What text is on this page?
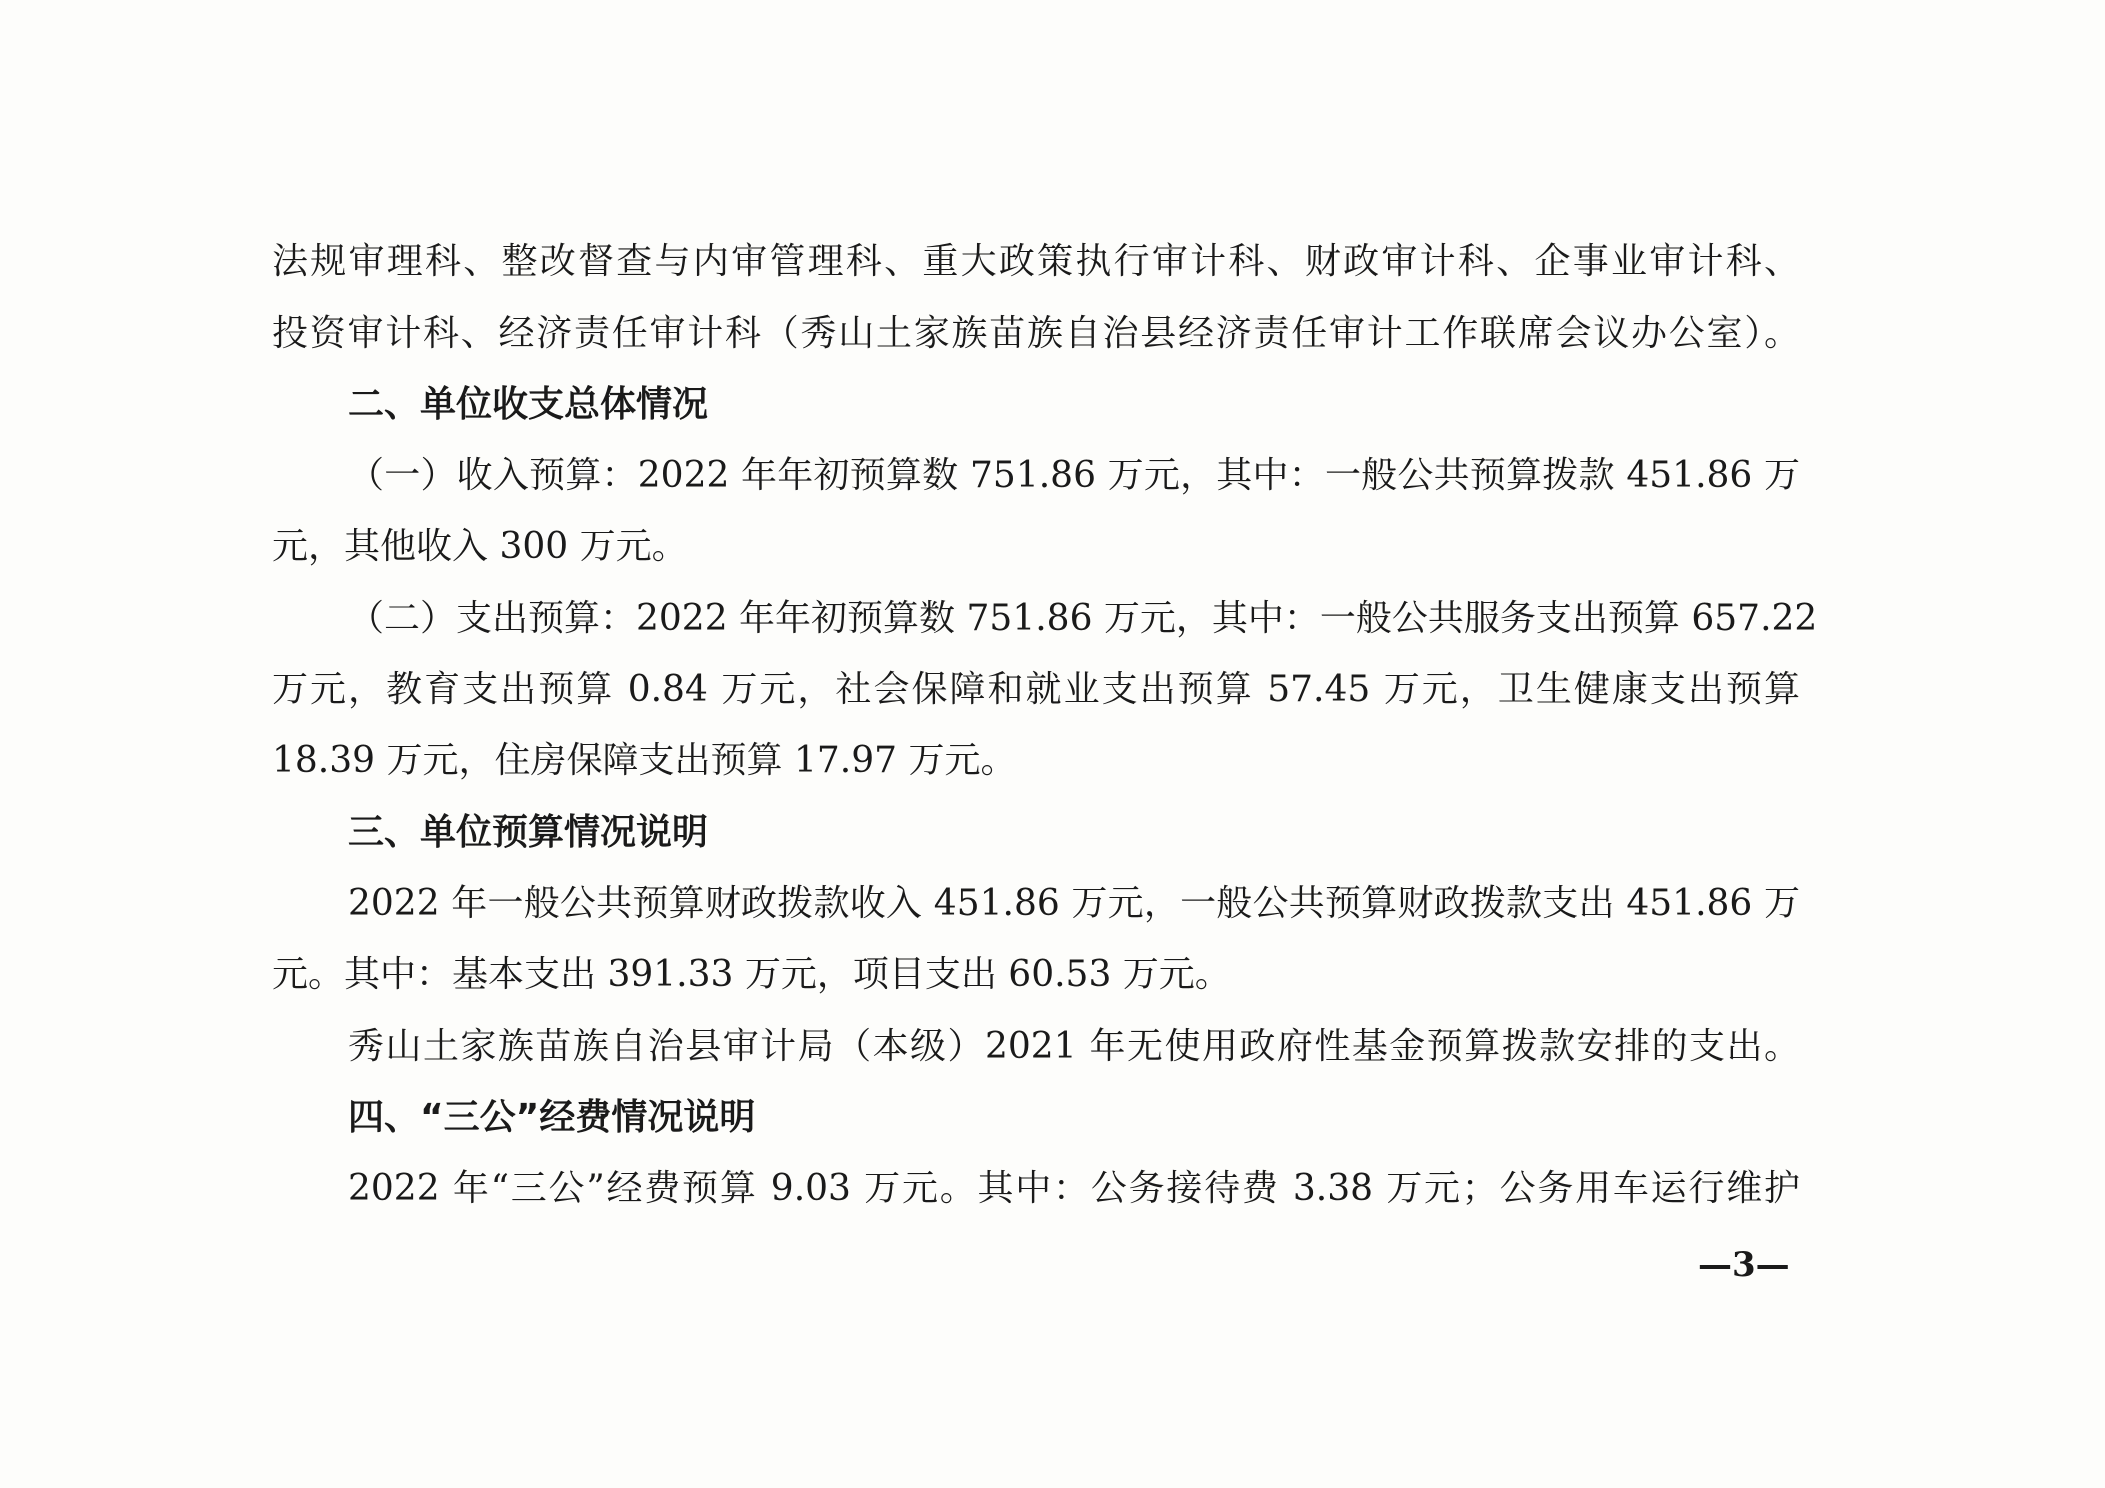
法规审理科、整改督查与内审管理科、重大政策执行审计科、财政审计科、企事业审计科、
投资审计科、经济责任审计科（秀山土家族苗族自治县经济责任审计工作联席会议办公室）。
二、单位收支总体情况
（一）收入预算：2022 年年初预算数 751.86 万元，其中：一般公共预算拨款 451.86 万
元，其他收入 300 万元。
（二）支出预算：2022 年年初预算数 751.86 万元，其中：一般公共服务支出预算 657.22
万元，教育支出预算 0.84 万元，社会保障和就业支出预算 57.45 万元，卫生健康支出预算
18.39 万元，住房保障支出预算 17.97 万元。
三、单位预算情况说明
2022 年一般公共预算财政拨款收入 451.86 万元，一般公共预算财政拨款支出 451.86 万
元。其中：基本支出 391.33 万元，项目支出 60.53 万元。
秀山土家族苗族自治县审计局（本级）2021 年无使用政府性基金预算拨款安排的支出。
四、“三公”经费情况说明
2022 年“三公”经费预算 9.03 万元。其中：公务接待费 3.38 万元；公务用车运行维护
—3—
